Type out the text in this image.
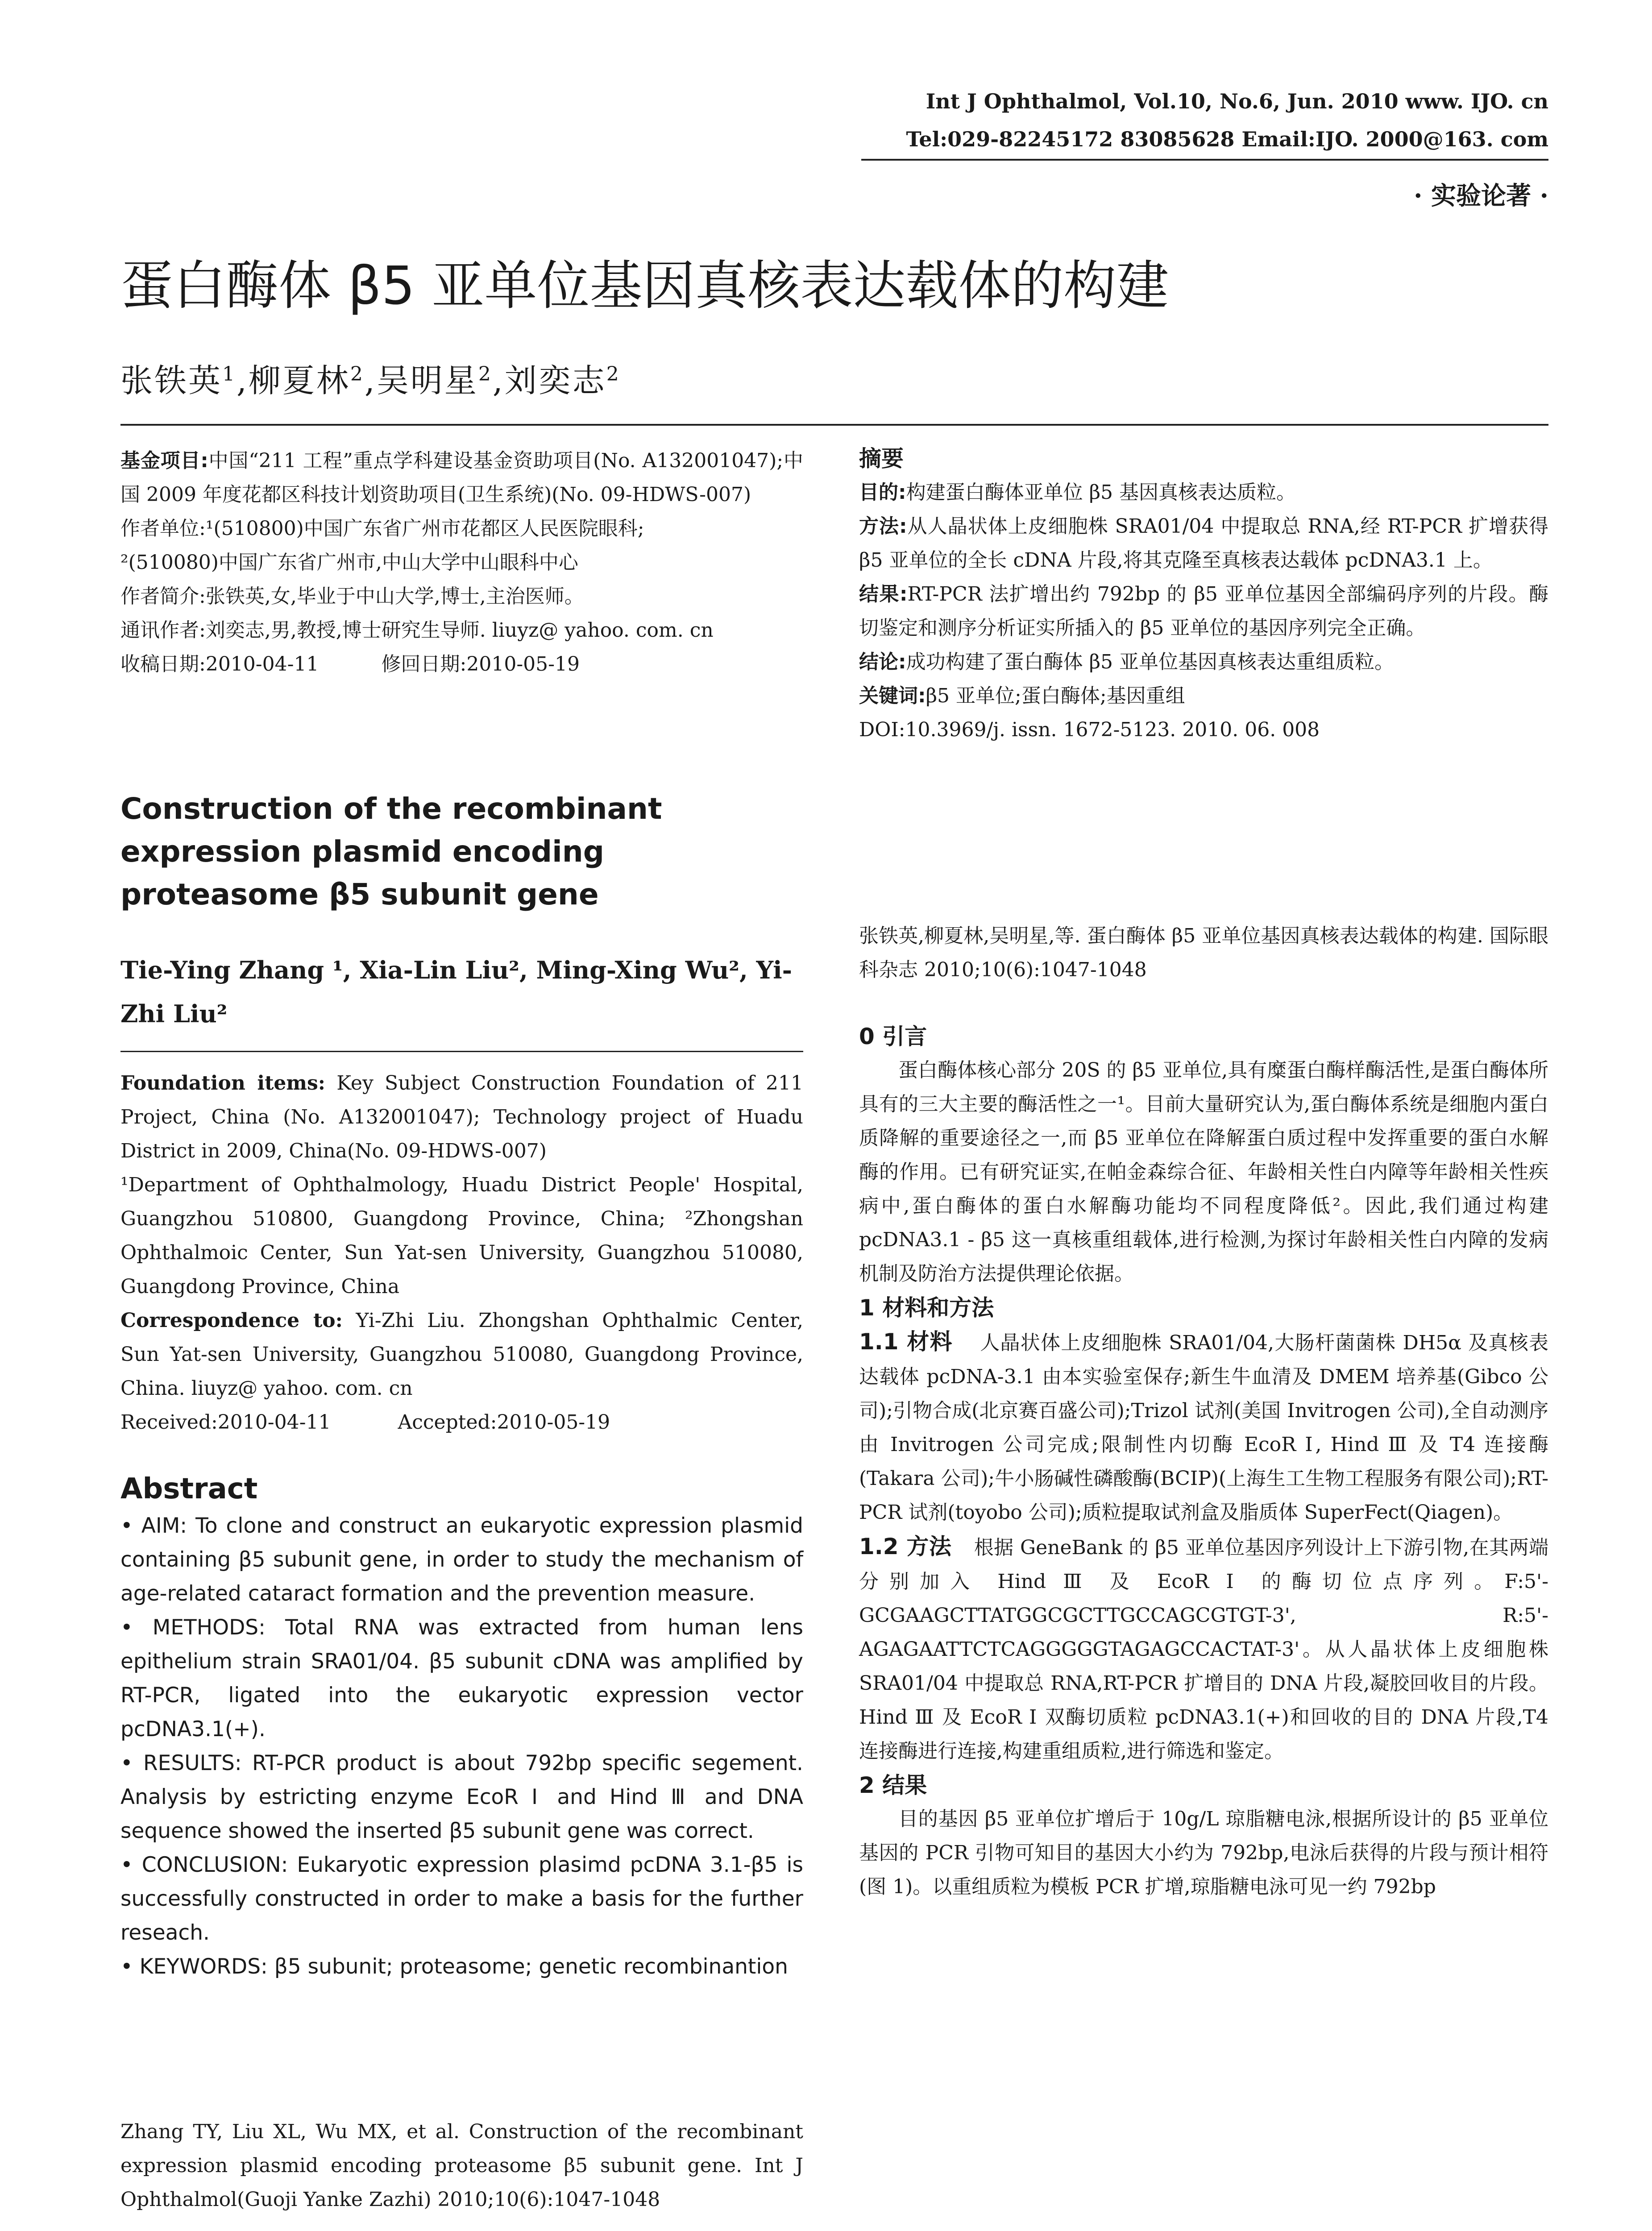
Int J Ophthalmol, Vol.10, No.6, Jun. 2010 www. IJO. cn
Tel:029-82245172 83085628 Email:IJO. 2000@163. com
· 实验论著 ·
蛋白酶体 β5 亚单位基因真核表达载体的构建
张铁英$^1$,柳夏林$^2$,吴明星$^2$,刘奕志$^2$
基金项目:中国“211 工程”重点学科建设基金资助项目(No. A132001047);中国 2009 年度花都区科技计划资助项目(卫生系统)(No. 09-HDWS-007)
作者单位:¹(510800)中国广东省广州市花都区人民医院眼科;
²(510080)中国广东省广州市,中山大学中山眼科中心
作者简介:张铁英,女,毕业于中山大学,博士,主治医师。
通讯作者:刘奕志,男,教授,博士研究生导师. liuyz@ yahoo. com. cn
收稿日期:2010-04-11	修回日期:2010-05-19
Construction of the recombinant expression plasmid encoding proteasome β5 subunit gene
Tie-Ying Zhang ¹, Xia-Lin Liu², Ming-Xing Wu², Yi-Zhi Liu²
Foundation items: Key Subject Construction Foundation of 211 Project, China (No. A132001047); Technology project of Huadu District in 2009, China(No. 09-HDWS-007)
¹Department of Ophthalmology, Huadu District People' Hospital, Guangzhou 510800, Guangdong Province, China; ²Zhongshan Ophthalmoic Center, Sun Yat-sen University, Guangzhou 510080, Guangdong Province, China
Correspondence to: Yi-Zhi Liu. Zhongshan Ophthalmic Center, Sun Yat-sen University, Guangzhou 510080, Guangdong Province, China. liuyz@ yahoo. com. cn
Received:2010-04-11	Accepted:2010-05-19
Abstract
• AIM: To clone and construct an eukaryotic expression plasmid containing β5 subunit gene, in order to study the mechanism of age-related cataract formation and the prevention measure.
• METHODS: Total RNA was extracted from human lens epithelium strain SRA01/04. β5 subunit cDNA was amplified by RT-PCR, ligated into the eukaryotic expression vector pcDNA3.1(+).
• RESULTS: RT-PCR product is about 792bp specific segement. Analysis by estricting enzyme EcoR Ⅰ and Hind Ⅲ and DNA sequence showed the inserted β5 subunit gene was correct.
• CONCLUSION: Eukaryotic expression plasimd pcDNA 3.1-β5 is successfully constructed in order to make a basis for the further reseach.
• KEYWORDS: β5 subunit; proteasome; genetic recombinantion
Zhang TY, Liu XL, Wu MX, et al. Construction of the recombinant expression plasmid encoding proteasome β5 subunit gene. Int J Ophthalmol(Guoji Yanke Zazhi) 2010;10(6):1047-1048
摘要
目的:构建蛋白酶体亚单位 β5 基因真核表达质粒。
方法:从人晶状体上皮细胞株 SRA01/04 中提取总 RNA,经 RT-PCR 扩增获得 β5 亚单位的全长 cDNA 片段,将其克隆至真核表达载体 pcDNA3.1 上。
结果:RT-PCR 法扩增出约 792bp 的 β5 亚单位基因全部编码序列的片段。酶切鉴定和测序分析证实所插入的 β5 亚单位的基因序列完全正确。
结论:成功构建了蛋白酶体 β5 亚单位基因真核表达重组质粒。
关键词:β5 亚单位;蛋白酶体;基因重组
DOI:10.3969/j. issn. 1672-5123. 2010. 06. 008
张铁英,柳夏林,吴明星,等. 蛋白酶体 β5 亚单位基因真核表达载体的构建. 国际眼科杂志 2010;10(6):1047-1048
0 引言
蛋白酶体核心部分 20S 的 β5 亚单位,具有糜蛋白酶样酶活性,是蛋白酶体所具有的三大主要的酶活性之一¹。目前大量研究认为,蛋白酶体系统是细胞内蛋白质降解的重要途径之一,而 β5 亚单位在降解蛋白质过程中发挥重要的蛋白水解酶的作用。已有研究证实,在帕金森综合征、年龄相关性白内障等年龄相关性疾病中,蛋白酶体的蛋白水解酶功能均不同程度降低²。因此,我们通过构建 pcDNA3.1 - β5 这一真核重组载体,进行检测,为探讨年龄相关性白内障的发病机制及防治方法提供理论依据。
1 材料和方法
1.1 材料 人晶状体上皮细胞株 SRA01/04,大肠杆菌菌株 DH5α 及真核表达载体 pcDNA-3.1 由本实验室保存;新生牛血清及 DMEM 培养基(Gibco 公司);引物合成(北京赛百盛公司);Trizol 试剂(美国 Invitrogen 公司),全自动测序由 Invitrogen 公司完成;限制性内切酶 EcoR Ⅰ, Hind Ⅲ 及 T4 连接酶(Takara 公司);牛小肠碱性磷酸酶(BCIP)(上海生工生物工程服务有限公司);RT-PCR 试剂(toyobo 公司);质粒提取试剂盒及脂质体 SuperFect(Qiagen)。
1.2 方法 根据 GeneBank 的 β5 亚单位基因序列设计上下游引物,在其两端分别加入 Hind Ⅲ 及 EcoR Ⅰ 的酶切位点序列。F:5'-GCGAAGCTTATGGCGCTTGCCAGCGTGT-3', R:5'-AGAGAATTCTCAGGGGGTAGAGCCACTAT-3'。从人晶状体上皮细胞株 SRA01/04 中提取总 RNA,RT-PCR 扩增目的 DNA 片段,凝胶回收目的片段。Hind Ⅲ 及 EcoR Ⅰ 双酶切质粒 pcDNA3.1(+)和回收的目的 DNA 片段,T4 连接酶进行连接,构建重组质粒,进行筛选和鉴定。
2 结果
目的基因 β5 亚单位扩增后于 10g/L 琼脂糖电泳,根据所设计的 β5 亚单位基因的 PCR 引物可知目的基因大小约为 792bp,电泳后获得的片段与预计相符(图 1)。以重组质粒为模板 PCR 扩增,琼脂糖电泳可见一约 792bp
